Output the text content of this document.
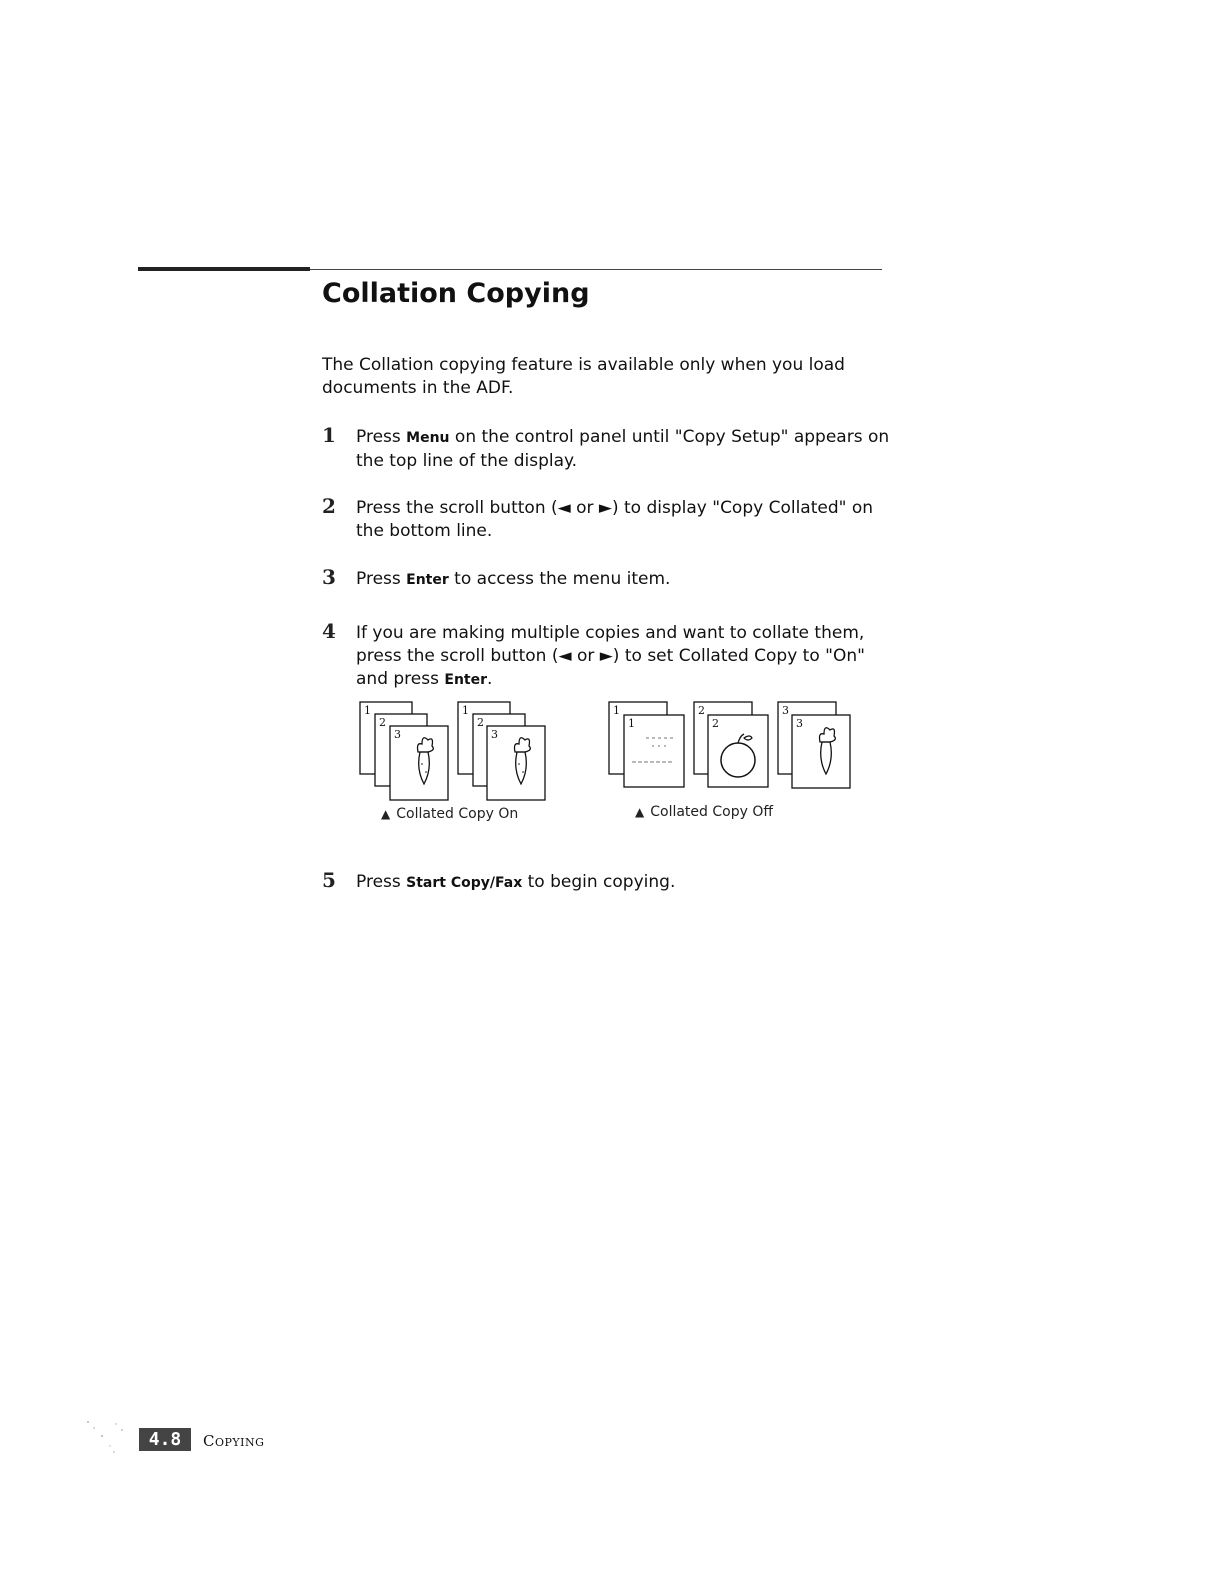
Collation Copying
The Collation copying feature is available only when you load documents in the ADF.
1 Press Menu on the control panel until "Copy Setup" appears on the top line of the display.
2 Press the scroll button (◄ or ►) to display "Copy Collated" on the bottom line.
3 Press Enter to access the menu item.
4 If you are making multiple copies and want to collate them, press the scroll button (◄ or ►) to set Collated Copy to "On" and press Enter.
1
2
3
1
2
3
▲ Collated Copy On
1
1
2
2
3
3
▲ Collated Copy Off
5 Press Start Copy/Fax to begin copying.
4.8	Copying
